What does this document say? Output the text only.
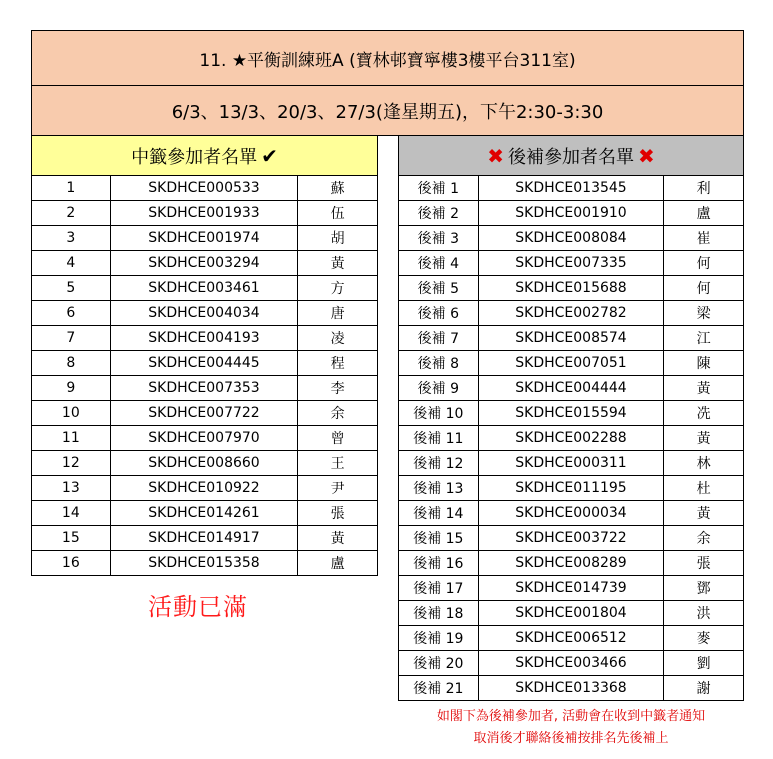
11. ★平衡訓練班A (寶林邨寶寧樓3樓平台311室)
6/3、13/3、20/3、27/3(逢星期五)，下午2:30-3:30
中籤參加者名單 ✔	✖ 後補參加者名單 ✖
1	SKDHCE000533	蘇
2	SKDHCE001933	伍
3	SKDHCE001974	胡
4	SKDHCE003294	黃
5	SKDHCE003461	方
6	SKDHCE004034	唐
7	SKDHCE004193	凌
8	SKDHCE004445	程
9	SKDHCE007353	李
10	SKDHCE007722	余
11	SKDHCE007970	曾
12	SKDHCE008660	王
13	SKDHCE010922	尹
14	SKDHCE014261	張
15	SKDHCE014917	黃
16	SKDHCE015358	盧
後補 1	SKDHCE013545	利
後補 2	SKDHCE001910	盧
後補 3	SKDHCE008084	崔
後補 4	SKDHCE007335	何
後補 5	SKDHCE015688	何
後補 6	SKDHCE002782	梁
後補 7	SKDHCE008574	江
後補 8	SKDHCE007051	陳
後補 9	SKDHCE004444	黃
後補 10	SKDHCE015594	冼
後補 11	SKDHCE002288	黃
後補 12	SKDHCE000311	林
後補 13	SKDHCE011195	杜
後補 14	SKDHCE000034	黃
後補 15	SKDHCE003722	余
後補 16	SKDHCE008289	張
後補 17	SKDHCE014739	鄧
後補 18	SKDHCE001804	洪
後補 19	SKDHCE006512	麥
後補 20	SKDHCE003466	劉
後補 21	SKDHCE013368	謝
活動已滿
如閣下為後補參加者, 活動會在收到中籤者通知
取消後才聯絡後補按排名先後補上
